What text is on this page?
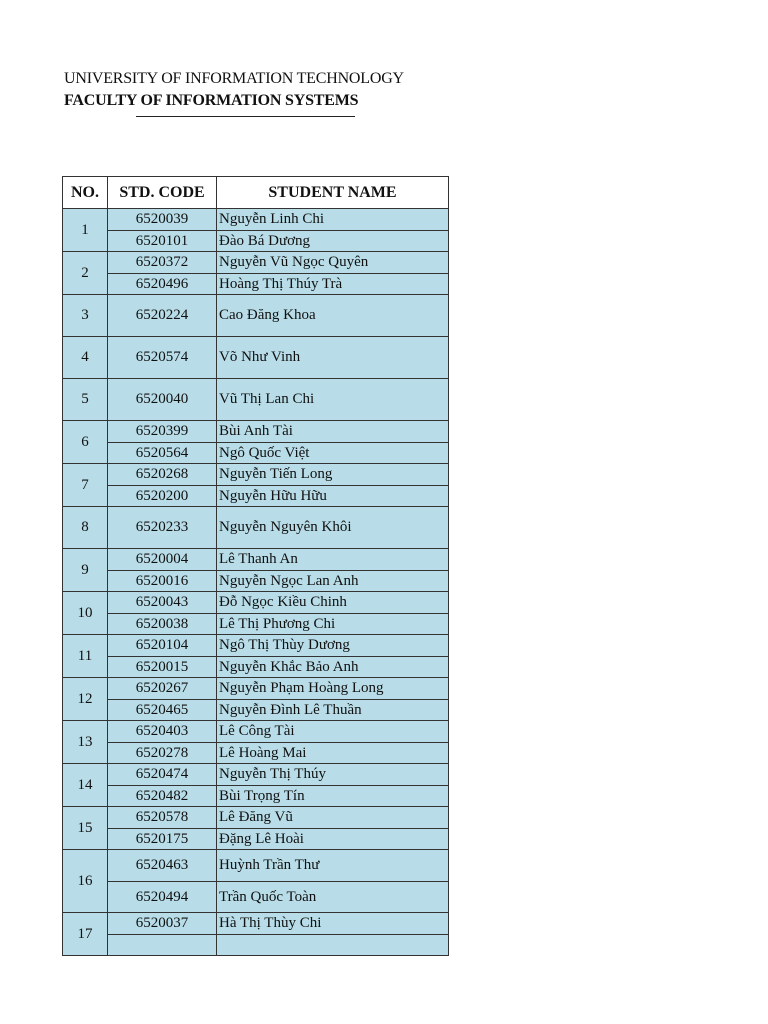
UNIVERSITY OF INFORMATION TECHNOLOGY
FACULTY OF INFORMATION SYSTEMS
NO.	STD. CODE	STUDENT NAME
1	6520039	Nguyễn Linh Chi
	6520101	Đào Bá Dương
2	6520372	Nguyễn Vũ Ngọc Quyên
	6520496	Hoàng Thị Thúy Trà
3	6520224	Cao Đăng Khoa
4	6520574	Võ Như Vinh
5	6520040	Vũ Thị Lan Chi
6	6520399	Bùi Anh Tài
	6520564	Ngô Quốc Việt
7	6520268	Nguyễn Tiến Long
	6520200	Nguyễn Hữu Hữu
8	6520233	Nguyễn Nguyên Khôi
9	6520004	Lê Thanh An
	6520016	Nguyễn Ngọc Lan Anh
10	6520043	Đỗ Ngọc Kiều Chinh
	6520038	Lê Thị Phương Chi
11	6520104	Ngô Thị Thùy Dương
	6520015	Nguyễn Khắc Bảo Anh
12	6520267	Nguyễn Phạm Hoàng Long
	6520465	Nguyễn Đình Lê Thuần
13	6520403	Lê Công Tài
	6520278	Lê Hoàng Mai
14	6520474	Nguyễn Thị Thúy
	6520482	Bùi Trọng Tín
15	6520578	Lê Đăng Vũ
	6520175	Đặng Lê Hoài
16	6520463	Huỳnh Trần Thư
	6520494	Trần Quốc Toàn
17	6520037	Hà Thị Thùy Chi
